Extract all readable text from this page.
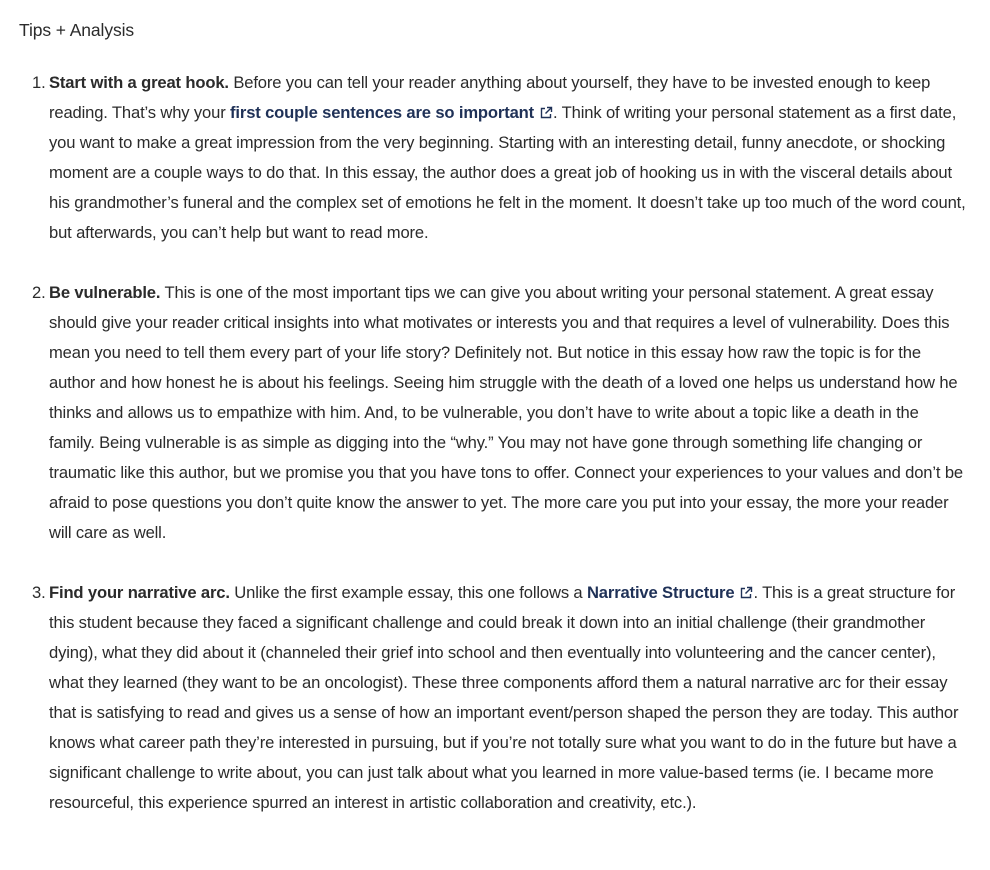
Tips + Analysis
1. Start with a great hook. Before you can tell your reader anything about yourself, they have to be invested enough to keep reading. That’s why your first couple sentences are so important . Think of writing your personal statement as a first date, you want to make a great impression from the very beginning. Starting with an interesting detail, funny anecdote, or shocking moment are a couple ways to do that. In this essay, the author does a great job of hooking us in with the visceral details about his grandmother’s funeral and the complex set of emotions he felt in the moment. It doesn’t take up too much of the word count, but afterwards, you can’t help but want to read more.
2. Be vulnerable. This is one of the most important tips we can give you about writing your personal statement. A great essay should give your reader critical insights into what motivates or interests you and that requires a level of vulnerability. Does this mean you need to tell them every part of your life story? Definitely not. But notice in this essay how raw the topic is for the author and how honest he is about his feelings. Seeing him struggle with the death of a loved one helps us understand how he thinks and allows us to empathize with him. And, to be vulnerable, you don’t have to write about a topic like a death in the family. Being vulnerable is as simple as digging into the “why.” You may not have gone through something life changing or traumatic like this author, but we promise you that you have tons to offer. Connect your experiences to your values and don’t be afraid to pose questions you don’t quite know the answer to yet. The more care you put into your essay, the more your reader will care as well.
3. Find your narrative arc. Unlike the first example essay, this one follows a Narrative Structure . This is a great structure for this student because they faced a significant challenge and could break it down into an initial challenge (their grandmother dying), what they did about it (channeled their grief into school and then eventually into volunteering and the cancer center), what they learned (they want to be an oncologist). These three components afford them a natural narrative arc for their essay that is satisfying to read and gives us a sense of how an important event/person shaped the person they are today. This author knows what career path they’re interested in pursuing, but if you’re not totally sure what you want to do in the future but have a significant challenge to write about, you can just talk about what you learned in more value-based terms (ie. I became more resourceful, this experience spurred an interest in artistic collaboration and creativity, etc.).
